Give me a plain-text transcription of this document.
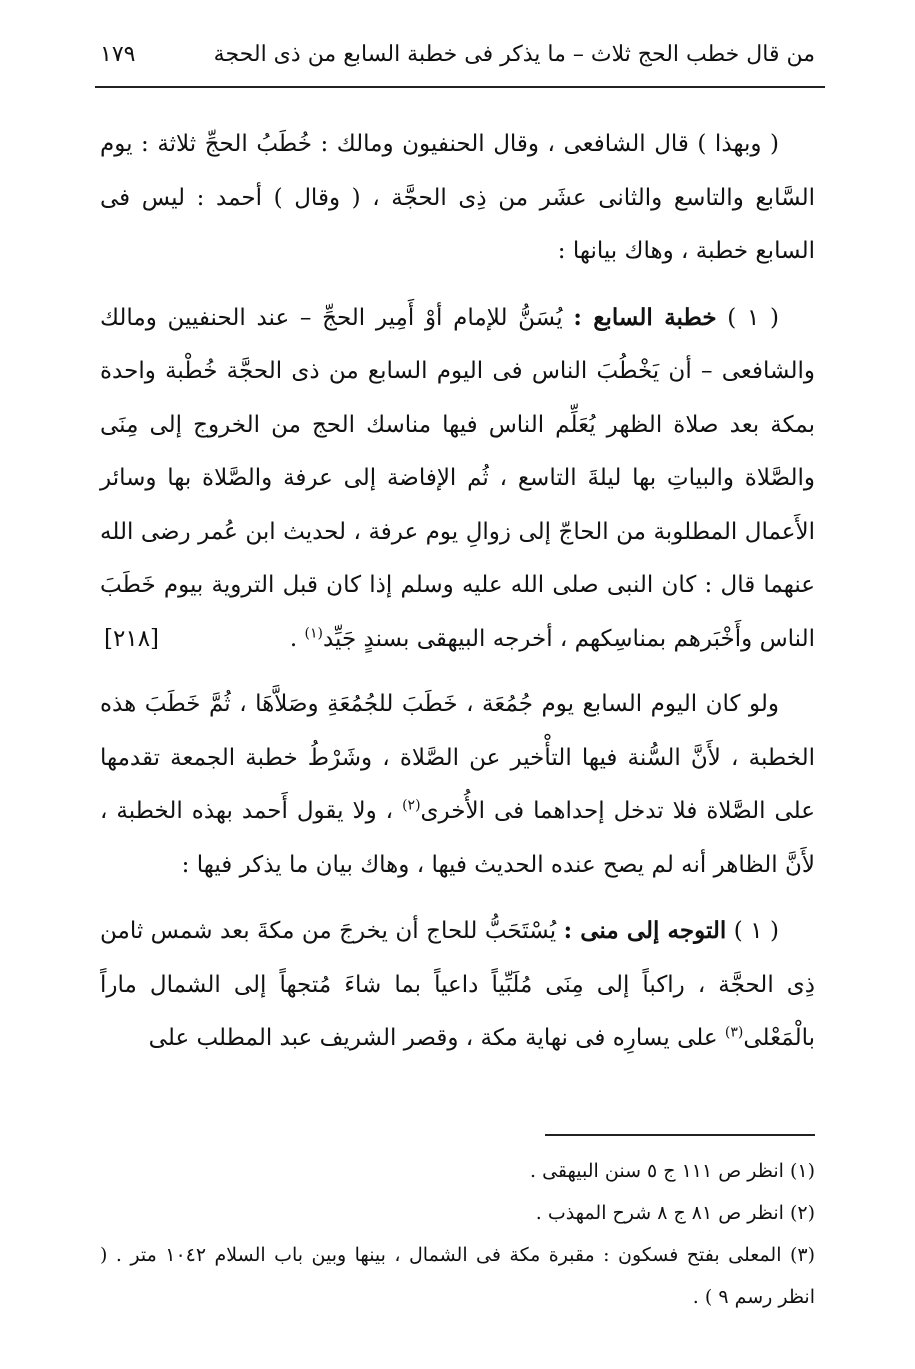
من قال خطب الحج ثلاث – ما يذكر فى خطبة السابع من ذى الحجة
١٧٩

( وبهذا ) قال الشافعى ، وقال الحنفيون ومالك : خُطَبُ الحجِّ ثلاثة : يوم السَّابع والتاسع والثانى عشَر من ذِى الحجَّة ، ( وقال ) أحمد : ليس فى السابع خطبة ، وهاك بيانها :

( ١ ) خطبة السابع : يُسَنُّ للإمام أوْ أَمِير الحجِّ – عند الحنفيين ومالك والشافعى – أن يَخْطُبَ الناس فى اليوم السابع من ذى الحجَّة خُطْبة واحدة بمكة بعد صلاة الظهر يُعَلِّم الناس فيها مناسك الحج من الخروج إلى مِنَى والصَّلاة والبياتِ بها ليلةَ التاسع ، ثُم الإفاضة إلى عرفة والصَّلاة بها وسائر الأَعمال المطلوبة من الحاجّ إلى زوالِ يوم عرفة ، لحديث ابن عُمر رضى الله عنهما قال : كان النبى صلى الله عليه وسلم إذا كان قبل التروية بيوم خَطَبَ الناس وأَخْبَرهم بمناسِكهم ، أخرجه البيهقى بسندٍ جَيِّد$^{(١)}$ .
[٢١٨]

ولو كان اليوم السابع يوم جُمُعَة ، خَطَبَ للجُمُعَةِ وصَلاَّهَا ، ثُمَّ خَطَبَ هذه الخطبة ، لأَنَّ السُّنة فيها التأْخير عن الصَّلاة ، وشَرْطُ خطبة الجمعة تقدمها على الصَّلاة فلا تدخل إحداهما فى الأُخرى$^{(٢)}$ ، ولا يقول أَحمد بهذه الخطبة ، لأَنَّ الظاهر أنه لم يصح عنده الحديث فيها ، وهاك بيان ما يذكر فيها :

( ١ ) التوجه إلى منى : يُسْتَحَبُّ للحاج أن يخرجَ من مكةَ بعد شمس ثامن ذِى الحجَّة ، راكباً إلى مِنَى مُلَبِّياً داعياً بما شاءَ مُتجهاً إلى الشمال ماراً بالْمَعْلى$^{(٣)}$ على يسارِه فى نهاية مكة ، وقصر الشريف عبد المطلب على

(١) انظر ص ١١١ ج ٥ سنن البيهقى .

(٢) انظر ص ٨١ ج ٨ شرح المهذب .

(٣) المعلى بفتح فسكون : مقبرة مكة فى الشمال ، بينها وبين باب السلام ١٠٤٢ متر . ( انظر رسم ٩ ) .
